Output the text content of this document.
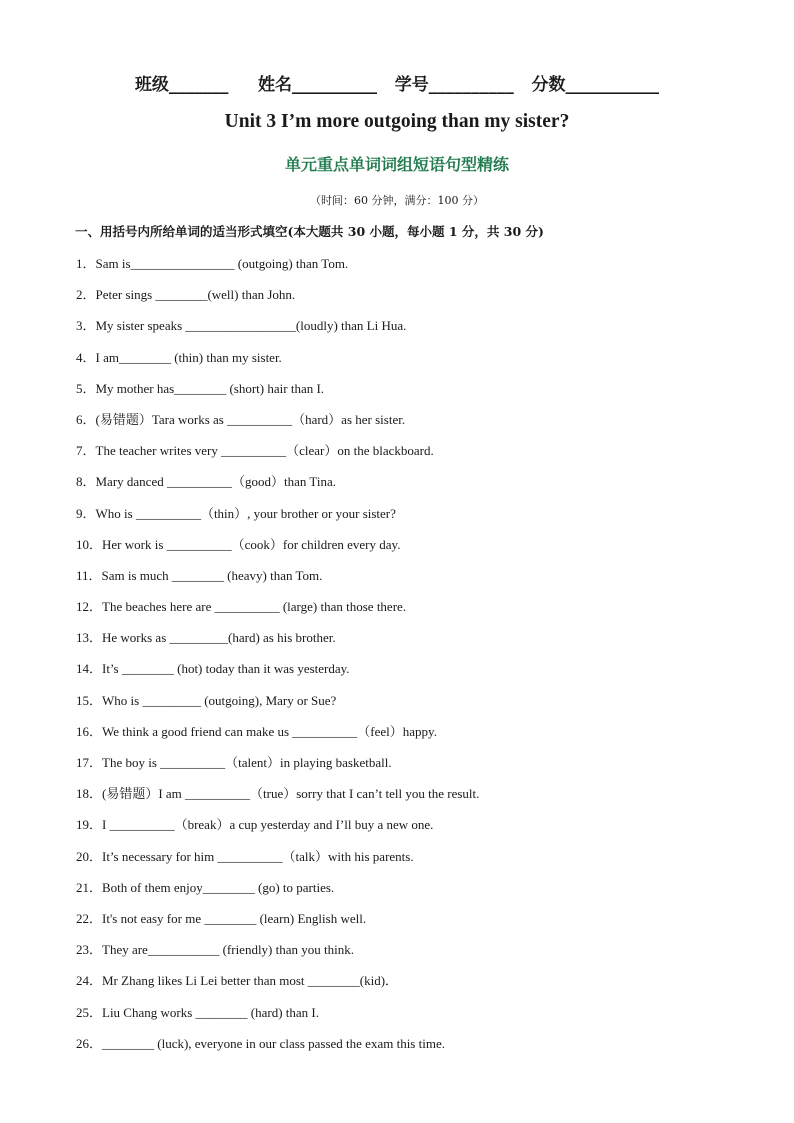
班级_______     姓名__________   学号__________   分数___________
Unit 3 I’m more outgoing than my sister?
单元重点单词词组短语句型精练
（时间：60 分钟，满分：100 分）
一、用括号内所给单词的适当形式填空(本大题共 30 小题，每小题 1 分，共 30 分)
1．Sam is________________ (outgoing) than Tom.
2．Peter sings ________(well) than John.
3．My sister speaks _________________(loudly) than Li Hua.
4．I am________ (thin) than my sister.
5．My mother has________ (short) hair than I.
6．(易错题）Tara works as __________（hard）as her sister.
7．The teacher writes very __________（clear）on the blackboard.
8．Mary danced __________（good）than Tina.
9．Who is __________（thin）, your brother or your sister?
10．Her work is __________（cook）for children every day.
11．Sam is much ________ (heavy) than Tom.
12．The beaches here are __________ (large) than those there.
13．He works as _________(hard) as his brother.
14．It’s ________ (hot) today than it was yesterday.
15．Who is _________ (outgoing), Mary or Sue?
16．We think a good friend can make us __________（feel）happy.
17．The boy is __________（talent）in playing basketball.
18．(易错题）I am __________（true）sorry that I can’t tell you the result.
19．I __________（break）a cup yesterday and I’ll buy a new one.
20．It’s necessary for him __________（talk）with his parents.
21．Both of them enjoy________ (go) to parties.
22．It's not easy for me ________ (learn) English well.
23．They are___________ (friendly) than you think.
24．Mr Zhang likes Li Lei better than most ________(kid)．
25．Liu Chang works ________ (hard) than I.
26．________ (luck), everyone in our class passed the exam this time.
